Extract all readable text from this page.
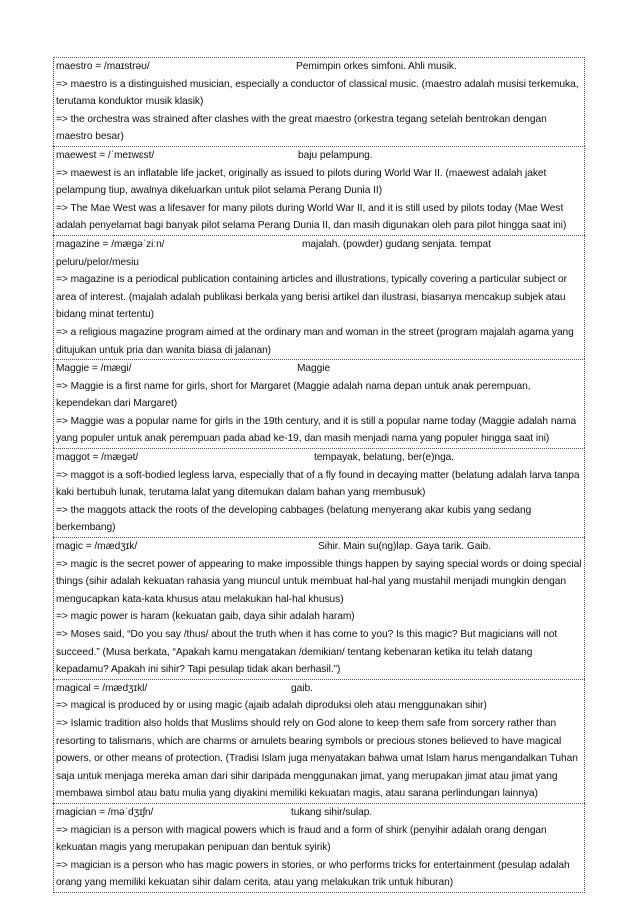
maestro = /maɪstrəʊ/	Pemimpin orkes simfoni. Ahli musik.
=> maestro is a distinguished musician, especially a conductor of classical music. (maestro adalah musisi terkemuka, terutama konduktor musik klasik)
=> the orchestra was strained after clashes with the great maestro (orkestra tegang setelah bentrokan dengan maestro besar)
maewest = /ˈmeɪwɛst/	baju pelampung.
=> maewest is an inflatable life jacket, originally as issued to pilots during World War II. (maewest adalah jaket pelampung tiup, awalnya dikeluarkan untuk pilot selama Perang Dunia II)
=> The Mae West was a lifesaver for many pilots during World War II, and it is still used by pilots today (Mae West adalah penyelamat bagi banyak pilot selama Perang Dunia II, dan masih digunakan oleh para pilot hingga saat ini)
magazine = /mægəˈziːn/	majalah. (powder) gudang senjata. tempat
peluru/pelor/mesiu
=> magazine is a periodical publication containing articles and illustrations, typically covering a particular subject or area of interest. (majalah adalah publikasi berkala yang berisi artikel dan ilustrasi, biasanya mencakup subjek atau bidang minat tertentu)
=> a religious magazine program aimed at the ordinary man and woman in the street (program majalah agama yang ditujukan untuk pria dan wanita biasa di jalanan)
Maggie = /mægi/	Maggie
=> Maggie is a first name for girls, short for Margaret (Maggie adalah nama depan untuk anak perempuan, kependekan dari Margaret)
=> Maggie was a popular name for girls in the 19th century, and it is still a popular name today (Maggie adalah nama yang populer untuk anak perempuan pada abad ke-19, dan masih menjadi nama yang populer hingga saat ini)
maggot = /mægət/	tempayak, belatung, ber(e)nga.
=> maggot is a soft-bodied legless larva, especially that of a fly found in decaying matter (belatung adalah larva tanpa kaki bertubuh lunak, terutama lalat yang ditemukan dalam bahan yang membusuk)
=> the maggots attack the roots of the developing cabbages (belatung menyerang akar kubis yang sedang berkembang)
magic = /mædʒɪk/	Sihir. Main su(ng)lap. Gaya tarik. Gaib.
=> magic is the secret power of appearing to make impossible things happen by saying special words or doing special things (sihir adalah kekuatan rahasia yang muncul untuk membuat hal-hal yang mustahil menjadi mungkin dengan mengucapkan kata-kata khusus atau melakukan hal-hal khusus)
=> magic power is haram (kekuatan gaib, daya sihir adalah haram)
=> Moses said, “Do you say /thus/ about the truth when it has come to you? Is this magic? But magicians will not succeed.” (Musa berkata, “Apakah kamu mengatakan /demikian/ tentang kebenaran ketika itu telah datang kepadamu? Apakah ini sihir? Tapi pesulap tidak akan berhasil.”)
magical = /mædʒɪkl/	gaib.
=> magical is produced by or using magic (ajaib adalah diproduksi oleh atau menggunakan sihir)
=> Islamic tradition also holds that Muslims should rely on God alone to keep them safe from sorcery rather than resorting to talismans, which are charms or amulets bearing symbols or precious stones believed to have magical powers, or other means of protection. (Tradisi Islam juga menyatakan bahwa umat Islam harus mengandalkan Tuhan saja untuk menjaga mereka aman dari sihir daripada menggunakan jimat, yang merupakan jimat atau jimat yang membawa simbol atau batu mulia yang diyakini memiliki kekuatan magis, atau sarana perlindungan lainnya)
magician = /məˈdʒɪʃn/	tukang sihir/sulap.
=> magician is a person with magical powers which is fraud and a form of shirk (penyihir adalah orang dengan kekuatan magis yang merupakan penipuan dan bentuk syirik)
=> magician is a person who has magic powers in stories, or who performs tricks for entertainment (pesulap adalah orang yang memiliki kekuatan sihir dalam cerita, atau yang melakukan trik untuk hiburan)
